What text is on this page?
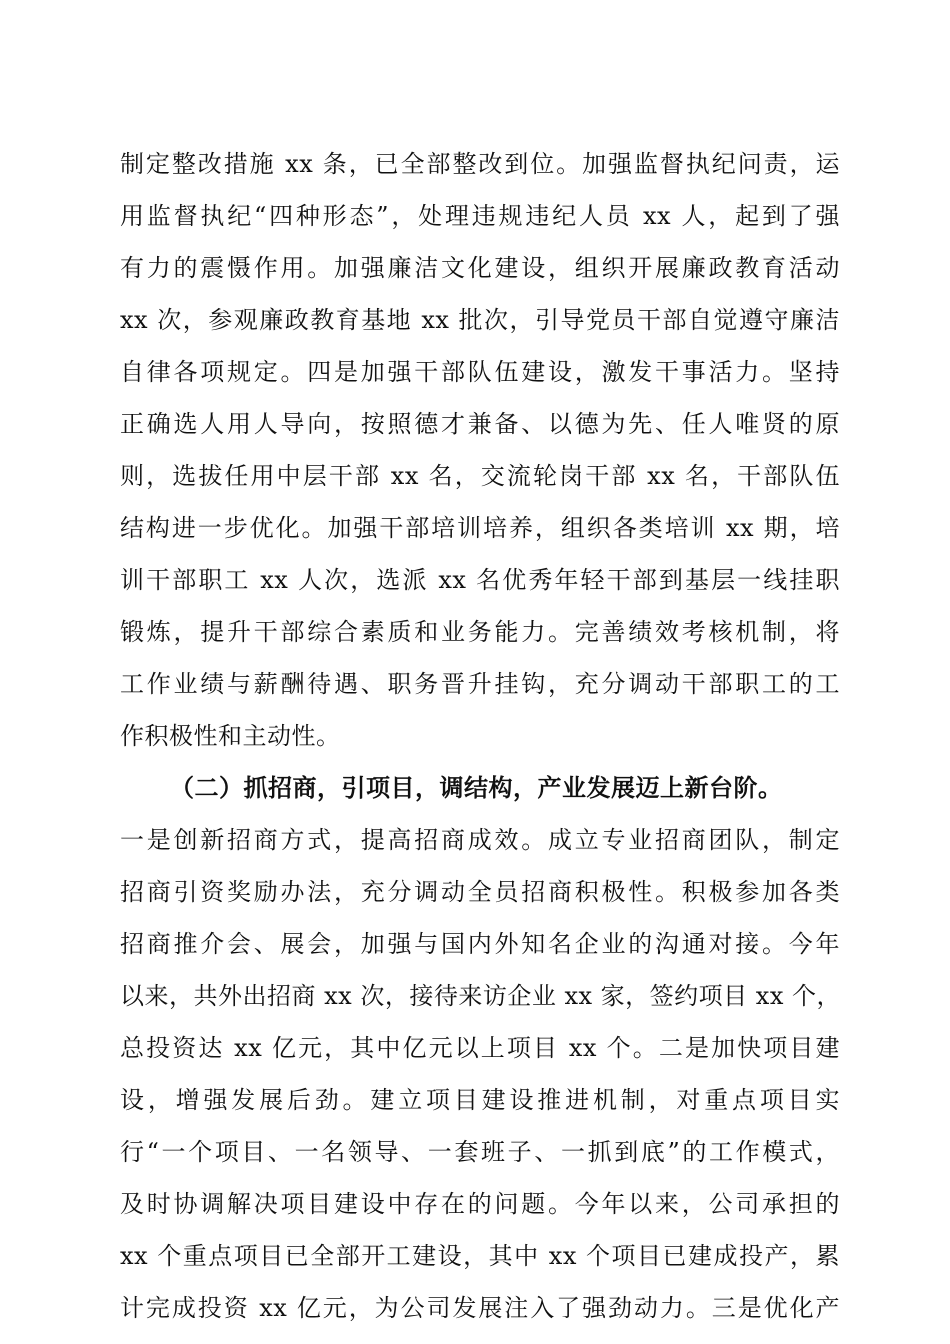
制定整改措施 xx 条，已全部整改到位。加强监督执纪问责，运
用监督执纪“四种形态”，处理违规违纪人员 xx 人，起到了强
有力的震慑作用。加强廉洁文化建设，组织开展廉政教育活动
xx 次，参观廉政教育基地 xx 批次，引导党员干部自觉遵守廉洁
自律各项规定。四是加强干部队伍建设，激发干事活力。坚持
正确选人用人导向，按照德才兼备、以德为先、任人唯贤的原
则，选拔任用中层干部 xx 名，交流轮岗干部 xx 名，干部队伍
结构进一步优化。加强干部培训培养，组织各类培训 xx 期，培
训干部职工 xx 人次，选派 xx 名优秀年轻干部到基层一线挂职
锻炼，提升干部综合素质和业务能力。完善绩效考核机制，将
工作业绩与薪酬待遇、职务晋升挂钩，充分调动干部职工的工
作积极性和主动性。
（二）抓招商，引项目，调结构，产业发展迈上新台阶。
一是创新招商方式，提高招商成效。成立专业招商团队，制定
招商引资奖励办法，充分调动全员招商积极性。积极参加各类
招商推介会、展会，加强与国内外知名企业的沟通对接。今年
以来，共外出招商 xx 次，接待来访企业 xx 家，签约项目 xx 个，
总投资达 xx 亿元，其中亿元以上项目 xx 个。二是加快项目建
设，增强发展后劲。建立项目建设推进机制，对重点项目实
行“一个项目、一名领导、一套班子、一抓到底”的工作模式，
及时协调解决项目建设中存在的问题。今年以来，公司承担的
xx 个重点项目已全部开工建设，其中 xx 个项目已建成投产，累
计完成投资 xx 亿元，为公司发展注入了强劲动力。三是优化产
